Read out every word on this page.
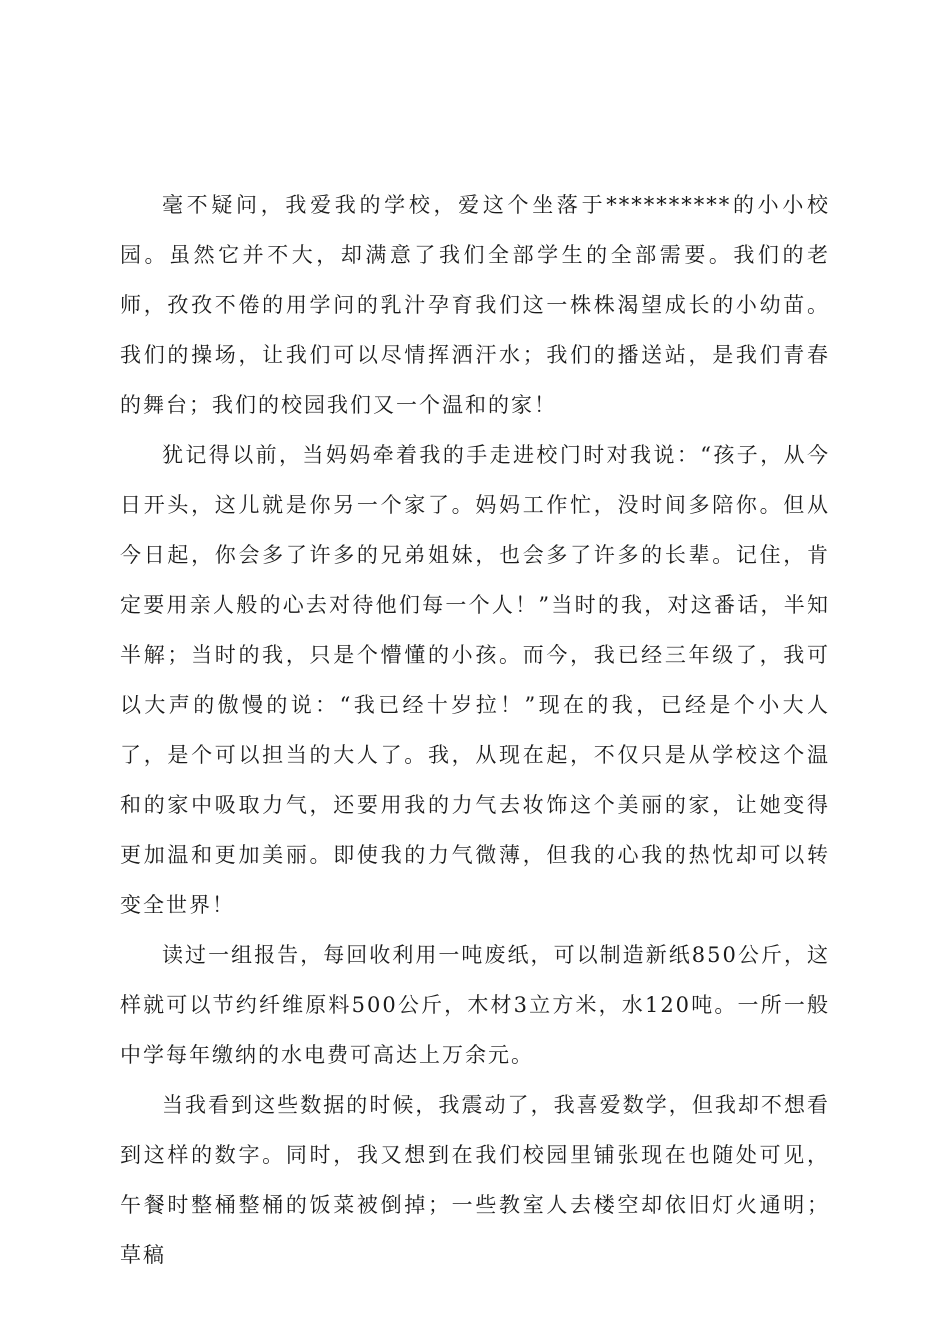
毫不疑问，我爱我的学校，爱这个坐落于**********的小小校园。虽然它并不大，却满意了我们全部学生的全部需要。我们的老师，孜孜不倦的用学问的乳汁孕育我们这一株株渴望成长的小幼苗。我们的操场，让我们可以尽情挥洒汗水；我们的播送站，是我们青春的舞台；我们的校园我们又一个温和的家！

犹记得以前，当妈妈牵着我的手走进校门时对我说：“孩子，从今日开头，这儿就是你另一个家了。妈妈工作忙，没时间多陪你。但从今日起，你会多了许多的兄弟姐妹，也会多了许多的长辈。记住，肯定要用亲人般的心去对待他们每一个人！”当时的我，对这番话，半知半解；当时的我，只是个懵懂的小孩。而今，我已经三年级了，我可以大声的傲慢的说：“我已经十岁拉！”现在的我，已经是个小大人了，是个可以担当的大人了。我，从现在起，不仅只是从学校这个温和的家中吸取力气，还要用我的力气去妆饰这个美丽的家，让她变得更加温和更加美丽。即使我的力气微薄，但我的心我的热忱却可以转变全世界！

读过一组报告，每回收利用一吨废纸，可以制造新纸850公斤，这样就可以节约纤维原料500公斤，木材3立方米，水120吨。一所一般中学每年缴纳的水电费可高达上万余元。

当我看到这些数据的时候，我震动了，我喜爱数学，但我却不想看到这样的数字。同时，我又想到在我们校园里铺张现在也随处可见，午餐时整桶整桶的饭菜被倒掉；一些教室人去楼空却依旧灯火通明；草稿
